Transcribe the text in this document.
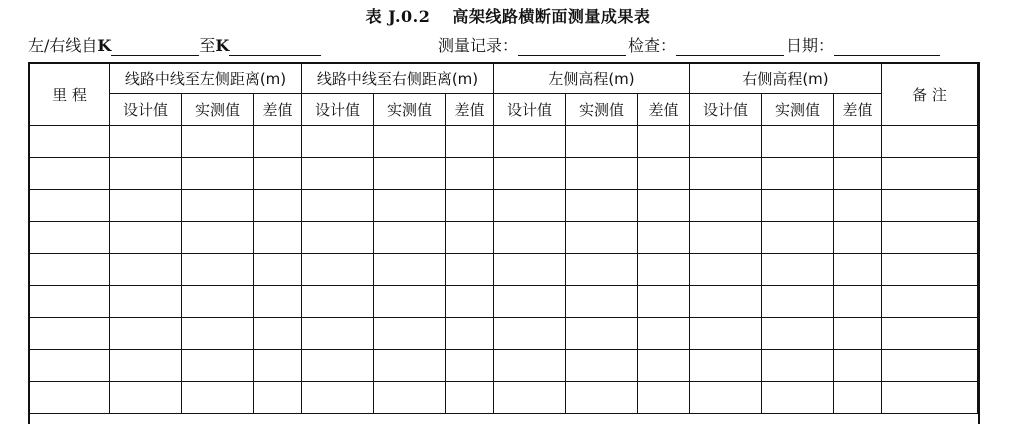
表 J.0.2 高架线路横断面测量成果表
左/右线自K	至K	测量记录：	检查：	日期：
里 程	线路中线至左侧距离(m)			线路中线至右侧距离(m)			左侧高程(m)			右侧高程(m)			备 注
	设计值	实测值	差值	设计值	实测值	差值	设计值	实测值	差值	设计值	实测值	差值	
